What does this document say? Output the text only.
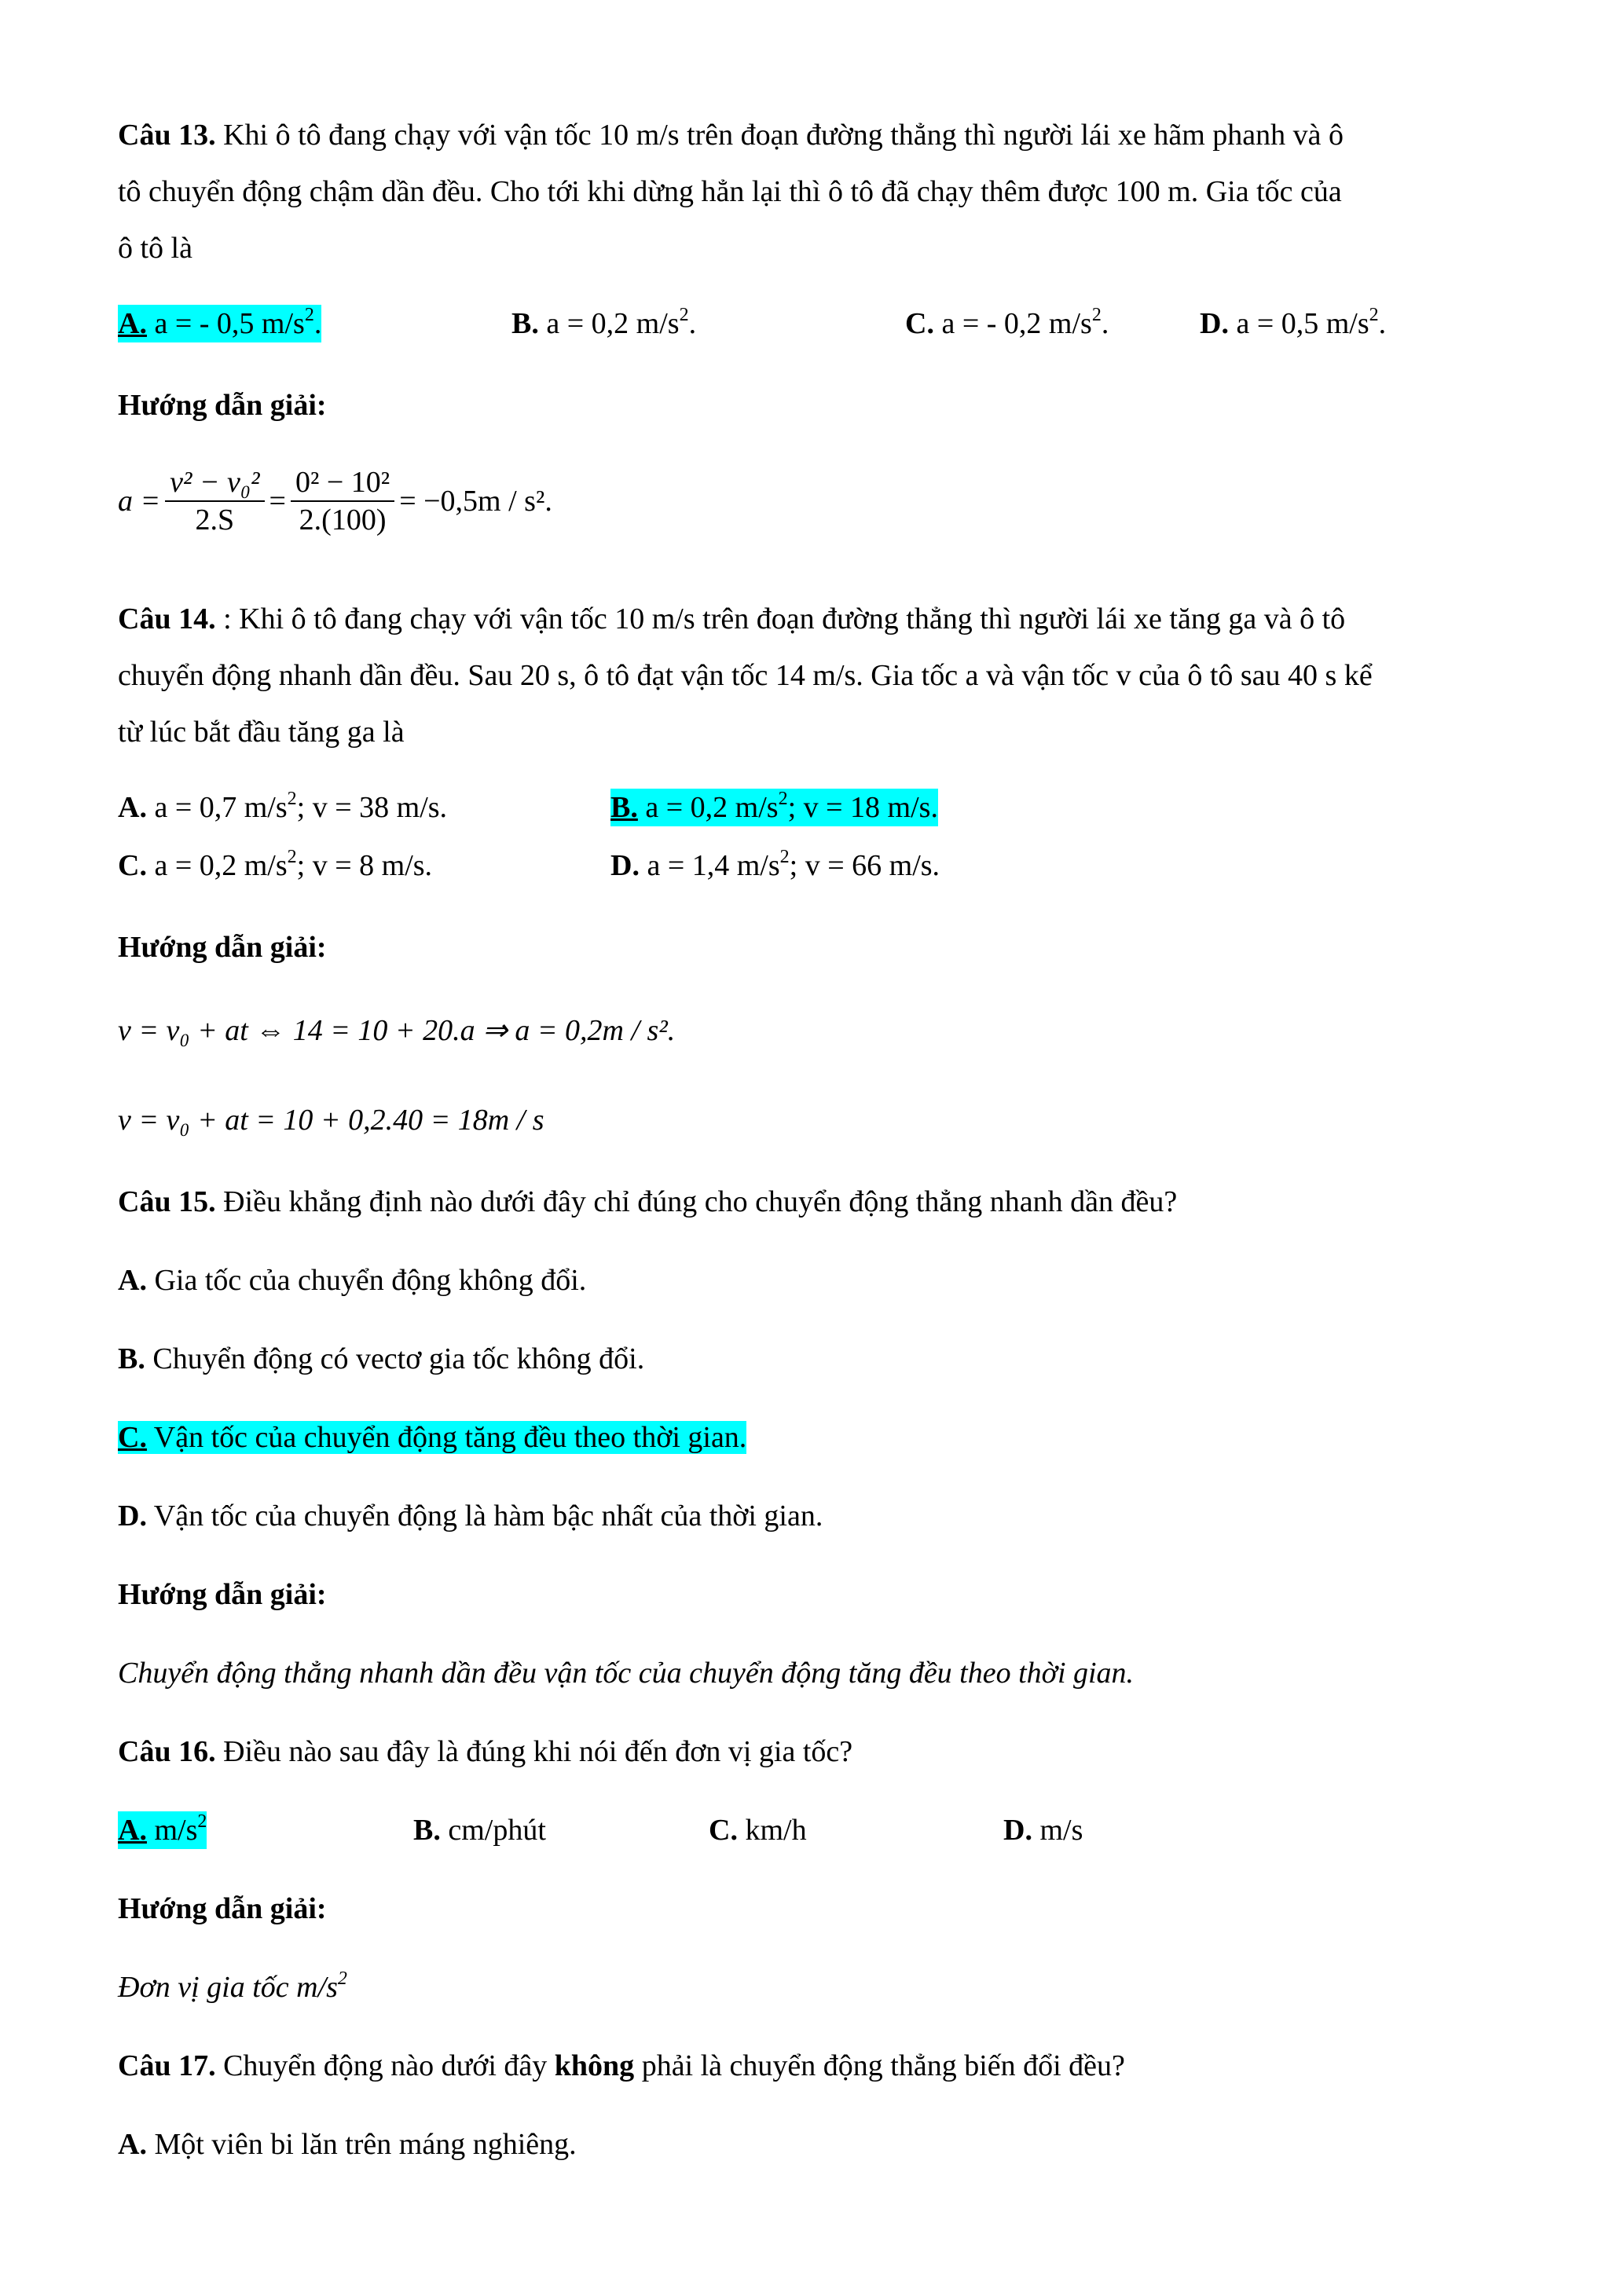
Câu 13. Khi ô tô đang chạy với vận tốc 10 m/s trên đoạn đường thẳng thì người lái xe hãm phanh và ô
tô chuyển động chậm dần đều. Cho tới khi dừng hẳn lại thì ô tô đã chạy thêm được 100 m. Gia tốc của
ô tô là
A. a = - 0,5 $m/s^2$.	B. a = 0,2 $m/s^2$.	C. a = - 0,2 $m/s^2$.	D. a = 0,5 $m/s^2$.
Hướng dẫn giải:
$a = \frac{\text{v² − v₀²}}{2.S} = \frac{\text{0² − 10²}}{2.(100)} = -0,5m / s^2$.
Câu 14. : Khi ô tô đang chạy với vận tốc 10 m/s trên đoạn đường thẳng thì người lái xe tăng ga và ô tô
chuyển động nhanh dần đều. Sau 20 s, ô tô đạt vận tốc 14 m/s. Gia tốc a và vận tốc v của ô tô sau 40 s kể
từ lúc bắt đầu tăng ga là
A. a = 0,7 $m/s^2$; v = 38 m/s.	B. a = 0,2 $m/s^2$; v = 18 m/s.
C. a = 0,2 $m/s^2$; v = 8 m/s.	D. a = 1,4 $m/s^2$; v = 66 m/s.
Hướng dẫn giải:
v = v₀ + at ⇔ 14 = 10 + 20.a ⇒ a = 0,2m / s².
v = v₀ + at = 10 + 0,2.40 = 18m / s
Câu 15. Điều khẳng định nào dưới đây chỉ đúng cho chuyển động thẳng nhanh dần đều?
A. Gia tốc của chuyển động không đổi.
B. Chuyển động có vectơ gia tốc không đổi.
C. Vận tốc của chuyển động tăng đều theo thời gian.
D. Vận tốc của chuyển động là hàm bậc nhất của thời gian.
Hướng dẫn giải:
Chuyển động thẳng nhanh dần đều vận tốc của chuyển động tăng đều theo thời gian.
Câu 16. Điều nào sau đây là đúng khi nói đến đơn vị gia tốc?
A. $m/s^2$	B. cm/phút	C. km/h	D. m/s
Hướng dẫn giải:
Đơn vị gia tốc $m/s^2$
Câu 17. Chuyển động nào dưới đây không phải là chuyển động thẳng biến đổi đều?
A. Một viên bi lăn trên máng nghiêng.
